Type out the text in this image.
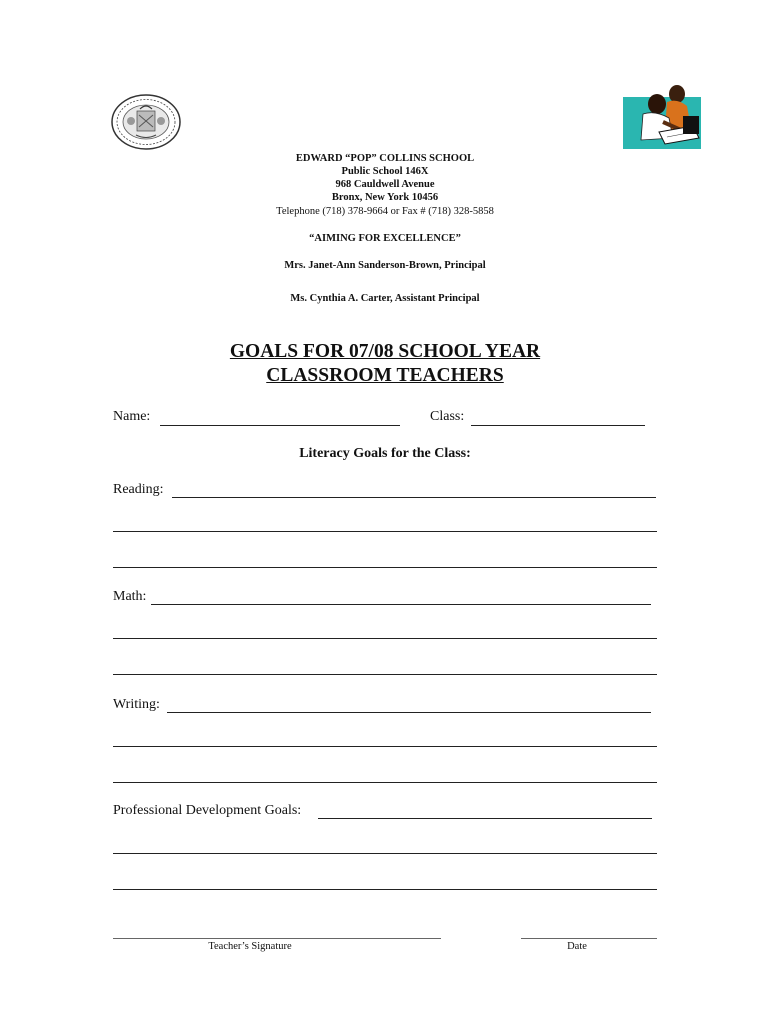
EDWARD “POP” COLLINS SCHOOL
Public School 146X
968 Cauldwell Avenue
Bronx, New York 10456
Telephone (718) 378-9664 or Fax # (718) 328-5858
“AIMING FOR EXCELLENCE”
Mrs. Janet-Ann Sanderson-Brown, Principal
Ms. Cynthia A. Carter, Assistant Principal
GOALS FOR 07/08 SCHOOL YEAR
CLASSROOM TEACHERS
Name:	Class:
Literacy Goals for the Class:
Reading:
Math:
Writing:
Professional Development Goals:
Teacher’s Signature	Date
